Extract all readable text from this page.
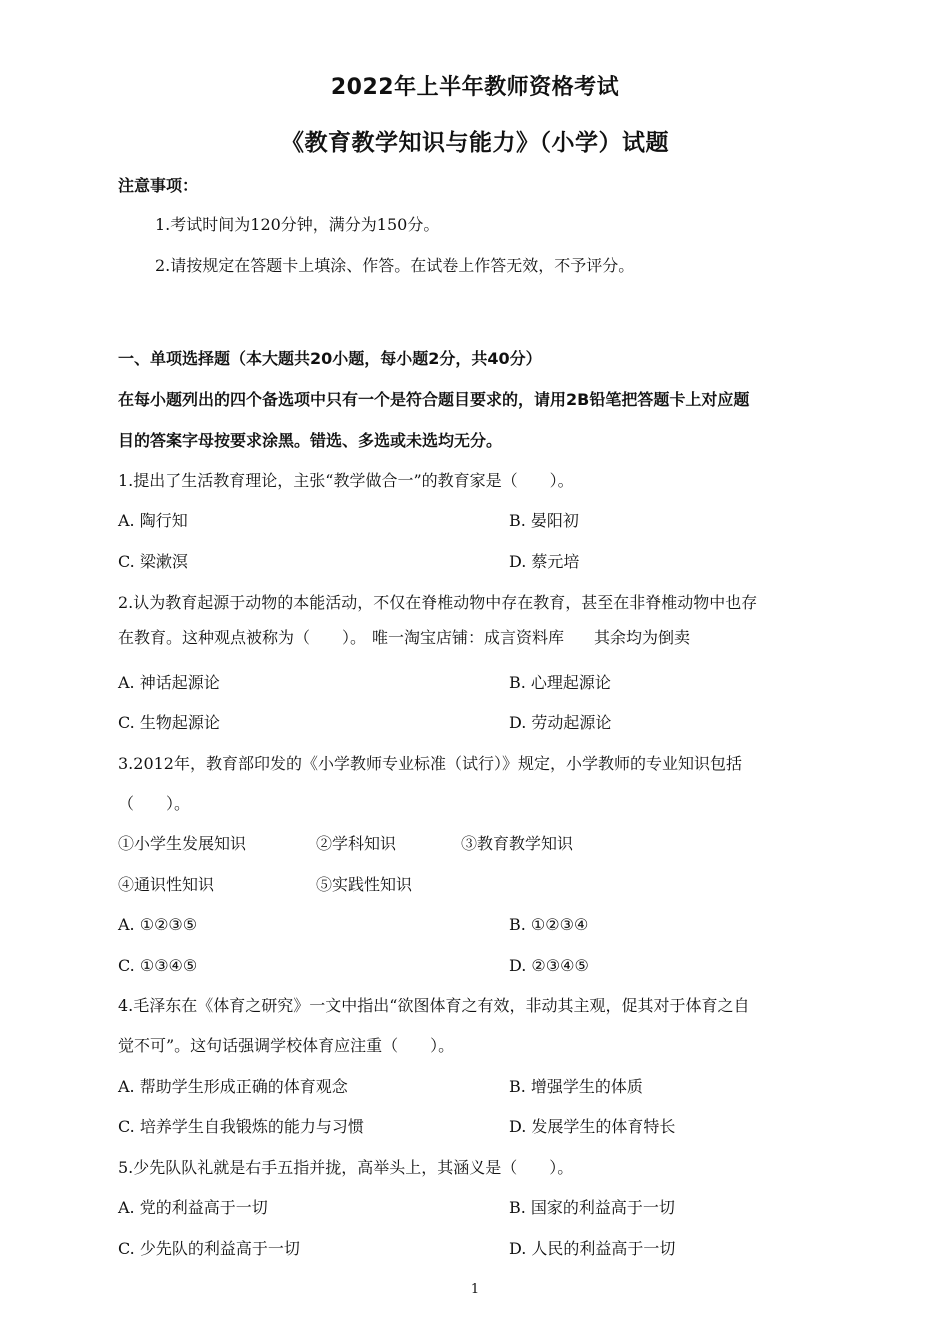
2022年上半年教师资格考试
《教育教学知识与能力》（小学）试题
注意事项：
1.考试时间为120分钟，满分为150分。
2.请按规定在答题卡上填涂、作答。在试卷上作答无效，不予评分。
一、单项选择题（本大题共20小题，每小题2分，共40分）
在每小题列出的四个备选项中只有一个是符合题目要求的，请用2B铅笔把答题卡上对应题
目的答案字母按要求涂黑。错选、多选或未选均无分。
1.提出了生活教育理论，主张“教学做合一”的教育家是（　　）。
A. 陶行知	B. 晏阳初
C. 梁漱溟	D. 蔡元培
2.认为教育起源于动物的本能活动，不仅在脊椎动物中存在教育，甚至在非脊椎动物中也存
在教育。这种观点被称为（　　）。 唯一淘宝店铺：成言资料库 其余均为倒卖
A. 神话起源论	B. 心理起源论
C. 生物起源论	D. 劳动起源论
3.2012年，教育部印发的《小学教师专业标准（试行）》规定，小学教师的专业知识包括
（　　）。
①小学生发展知识	②学科知识	③教育教学知识
④通识性知识	⑤实践性知识
A. ①②③⑤	B. ①②③④
C. ①③④⑤	D. ②③④⑤
4.毛泽东在《体育之研究》一文中指出“欲图体育之有效，非动其主观，促其对于体育之自
觉不可”。这句话强调学校体育应注重（　　）。
A. 帮助学生形成正确的体育观念	B. 增强学生的体质
C. 培养学生自我锻炼的能力与习惯	D. 发展学生的体育特长
5.少先队队礼就是右手五指并拢，高举头上，其涵义是（　　）。
A. 党的利益高于一切	B. 国家的利益高于一切
C. 少先队的利益高于一切	D. 人民的利益高于一切
1
